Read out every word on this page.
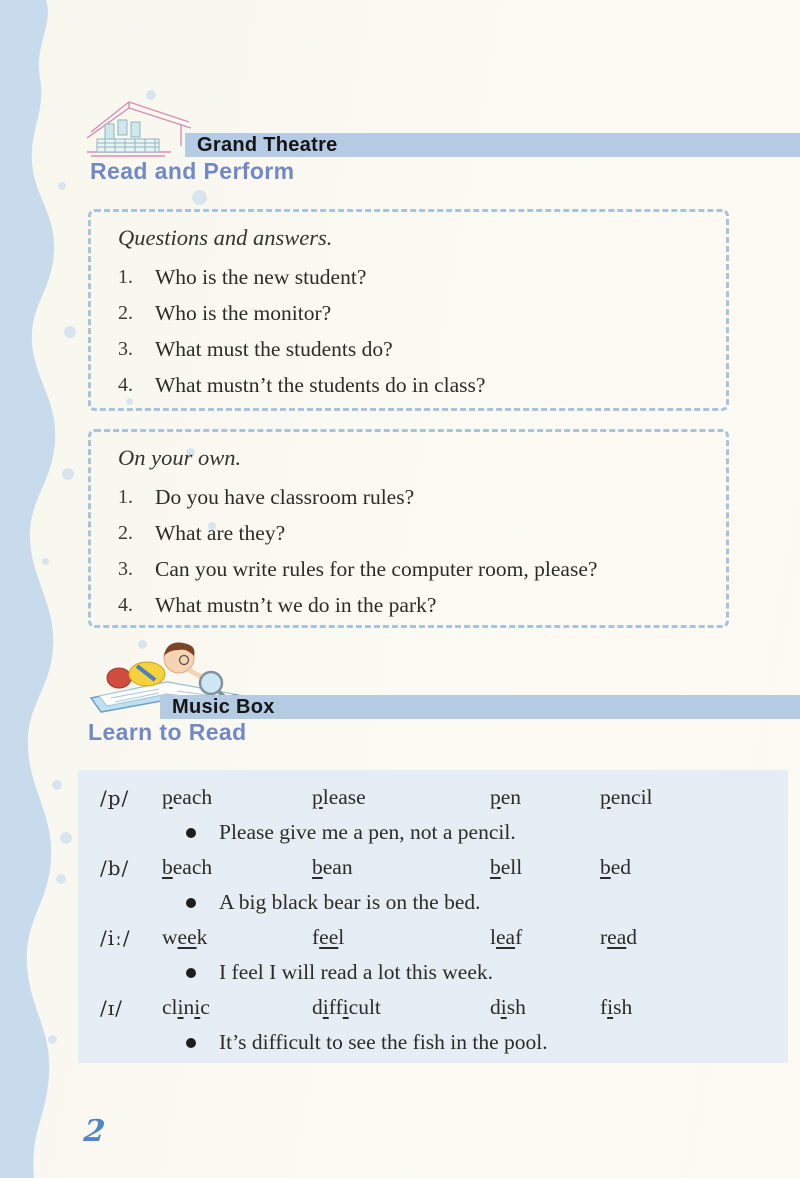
Grand Theatre
Read and Perform
Questions and answers.
1.	Who is the new student?
2.	Who is the monitor?
3.	What must the students do?
4.	What mustn’t the students do in class?
On your own.
1.	Do you have classroom rules?
2.	What are they?
3.	Can you write rules for the computer room, please?
4.	What mustn’t we do in the park?
Music Box
Learn to Read
/p/	peach	please	pen	pencil
Please give me a pen, not a pencil.
/b/	beach	bean	bell	bed
A big black bear is on the bed.
/iː/	week	feel	leaf	read
I feel I will read a lot this week.
/ɪ/	clinic	difficult	dish	fish
It’s difficult to see the fish in the pool.
2
